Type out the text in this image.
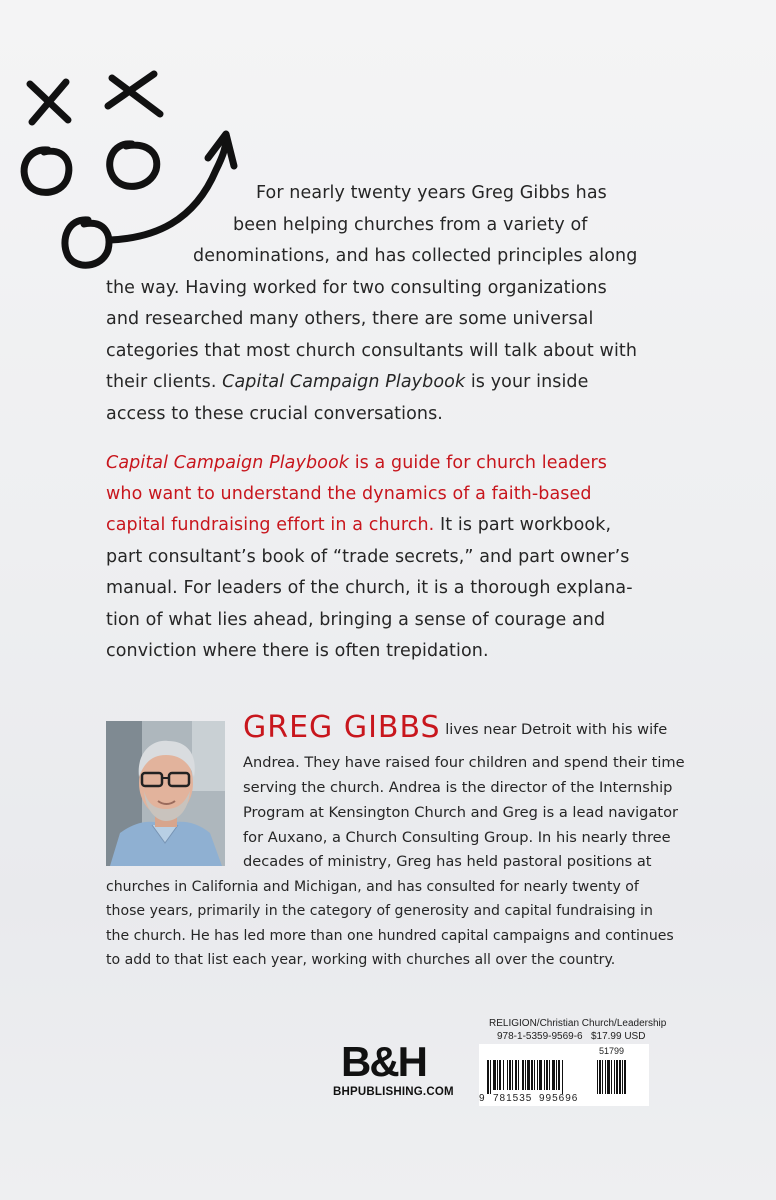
For nearly twenty years Greg Gibbs has
been helping churches from a variety of
denominations, and has collected principles along
the way. Having worked for two consulting organizations
and researched many others, there are some universal
categories that most church consultants will talk about with
their clients. Capital Campaign Playbook is your inside
access to these crucial conversations.
Capital Campaign Playbook is a guide for church leaders
who want to understand the dynamics of a faith-based
capital fundraising effort in a church. It is part workbook,
part consultant’s book of “trade secrets,” and part owner’s
manual. For leaders of the church, it is a thorough explana-
tion of what lies ahead, bringing a sense of courage and
conviction where there is often trepidation.
GREG GIBBS lives near Detroit with his wife
Andrea. They have raised four children and spend their time
serving the church. Andrea is the director of the Internship
Program at Kensington Church and Greg is a lead navigator
for Auxano, a Church Consulting Group. In his nearly three
decades of ministry, Greg has held pastoral positions at
churches in California and Michigan, and has consulted for nearly twenty of
those years, primarily in the category of generosity and capital fundraising in
the church. He has led more than one hundred capital campaigns and continues
to add to that list each year, working with churches all over the country.
B&H
BHPUBLISHING.COM
RELIGION/Christian Church/Leadership
978-1-5359-9569-6 $17.99 USD
51799
9 781535 995696
